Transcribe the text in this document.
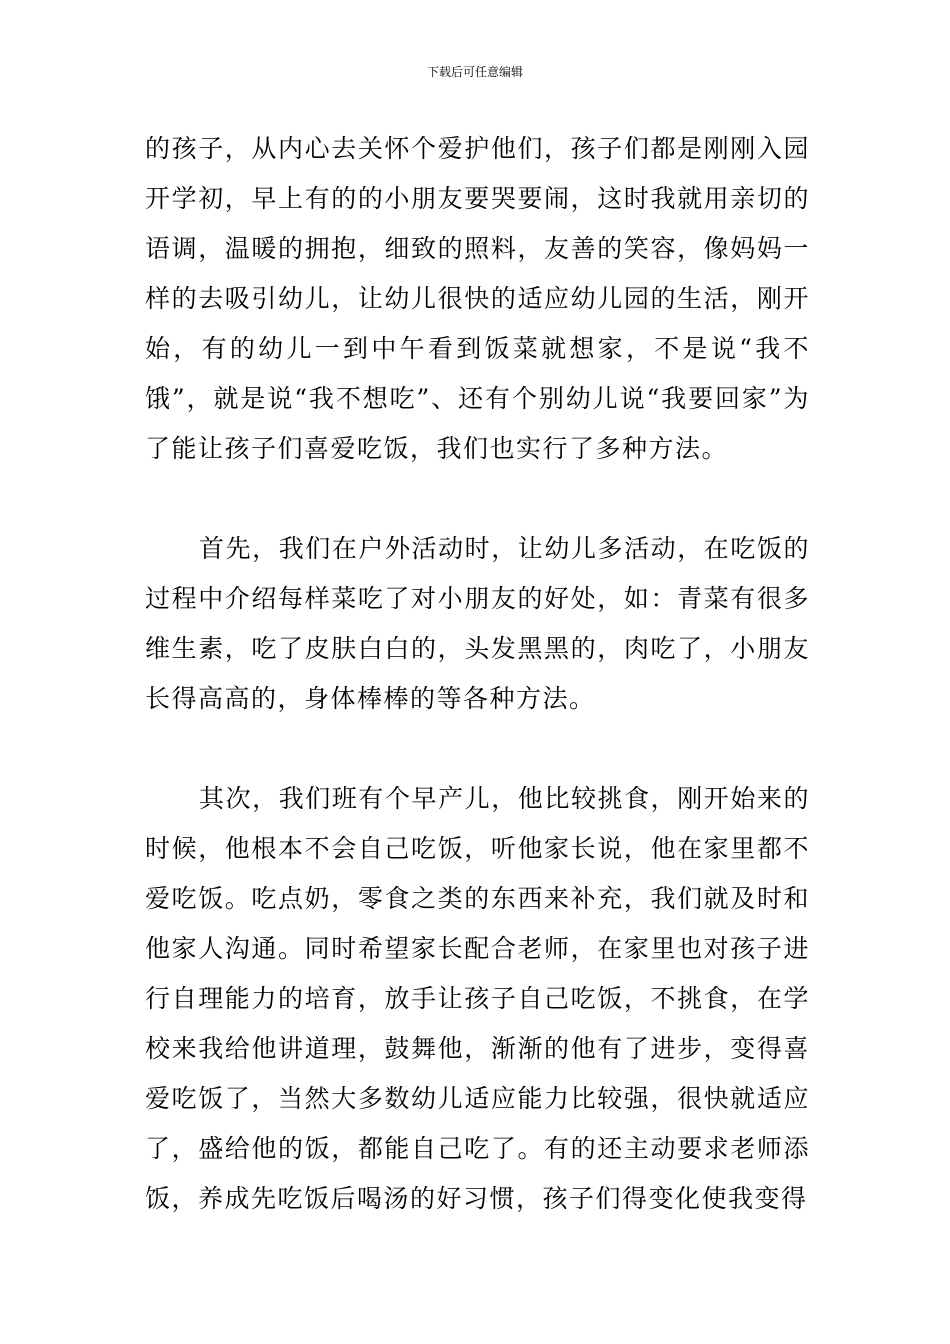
下载后可任意编辑

的孩子，从内心去关怀个爱护他们，孩子们都是刚刚入园开学初，早上有的的小朋友要哭要闹，这时我就用亲切的语调，温暖的拥抱，细致的照料，友善的笑容，像妈妈一样的去吸引幼儿，让幼儿很快的适应幼儿园的生活，刚开始，有的幼儿一到中午看到饭菜就想家，不是说“我不饿”，就是说“我不想吃”、还有个别幼儿说“我要回家”为了能让孩子们喜爱吃饭，我们也实行了多种方法。

首先，我们在户外活动时，让幼儿多活动，在吃饭的过程中介绍每样菜吃了对小朋友的好处，如：青菜有很多维生素，吃了皮肤白白的，头发黑黑的，肉吃了，小朋友长得高高的，身体棒棒的等各种方法。

其次，我们班有个早产儿，他比较挑食，刚开始来的时候，他根本不会自己吃饭，听他家长说，他在家里都不爱吃饭。吃点奶，零食之类的东西来补充，我们就及时和他家人沟通。同时希望家长配合老师，在家里也对孩子进行自理能力的培育，放手让孩子自己吃饭，不挑食，在学校来我给他讲道理，鼓舞他，渐渐的他有了进步，变得喜爱吃饭了，当然大多数幼儿适应能力比较强，很快就适应了，盛给他的饭，都能自己吃了。有的还主动要求老师添饭，养成先吃饭后喝汤的好习惯，孩子们得变化使我变得
